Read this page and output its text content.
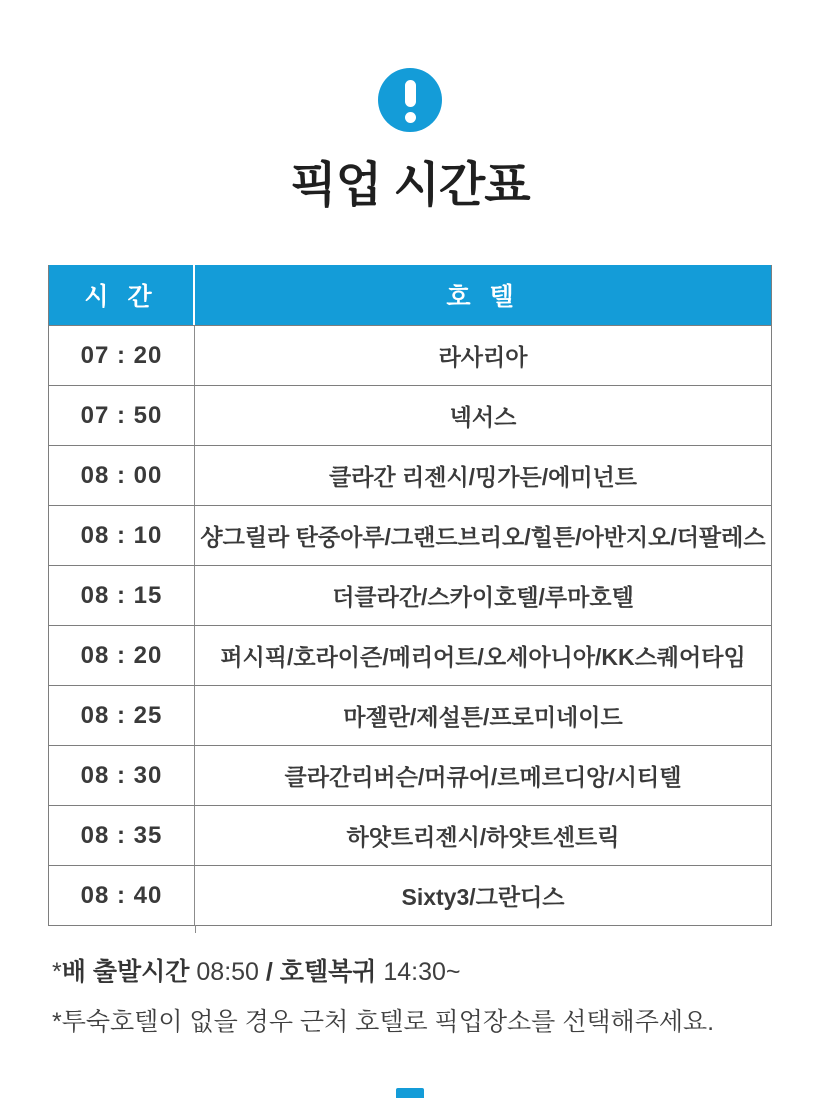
픽업 시간표
시 간	호 텔
07 : 20	라사리아
07 : 50	넥서스
08 : 00	클라간 리젠시/밍가든/에미넌트
08 : 10	샹그릴라 탄중아루/그랜드브리오/힐튼/아반지오/더팔레스
08 : 15	더클라간/스카이호텔/루마호텔
08 : 20	퍼시픽/호라이즌/메리어트/오세아니아/KK스퀘어타임
08 : 25	마젤란/제설튼/프로미네이드
08 : 30	클라간리버슨/머큐어/르메르디앙/시티텔
08 : 35	하얏트리젠시/하얏트센트릭
08 : 40	Sixty3/그란디스
*배 출발시간 08:50 / 호텔복귀 14:30~
*투숙호텔이 없을 경우 근처 호텔로 픽업장소를 선택해주세요.
